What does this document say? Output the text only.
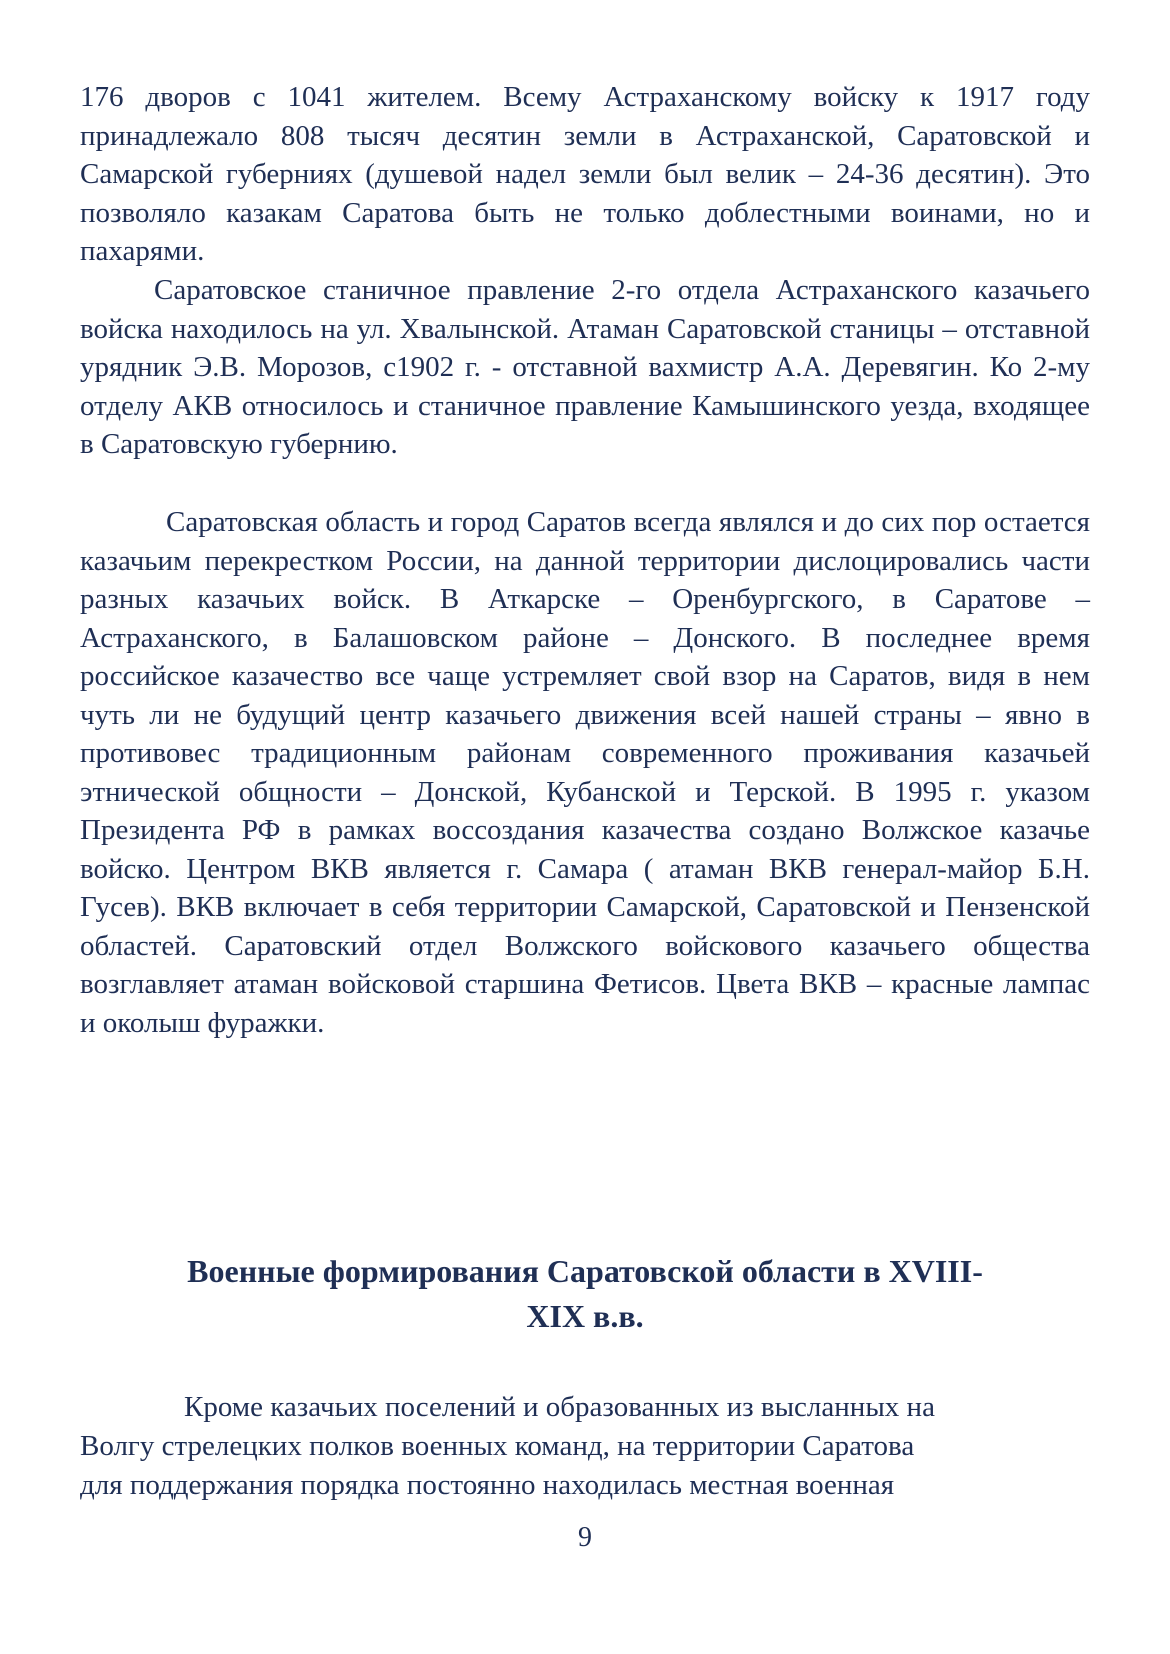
176 дворов с 1041 жителем. Всему Астраханскому войску к 1917 году принадлежало 808 тысяч десятин земли в Астраханской, Саратовской и Самарской губерниях (душевой надел земли был велик – 24-36 десятин). Это позволяло казакам Саратова быть не только доблестными воинами, но и пахарями.

Саратовское станичное правление 2-го отдела Астраханского казачьего войска находилось на ул. Хвалынской. Атаман Саратовской станицы – отставной урядник Э.В. Морозов, с1902 г. - отставной вахмистр А.А. Деревягин. Ко 2-му отделу АКВ относилось и станичное правление Камышинского уезда, входящее в Саратовскую губернию.

Саратовская область и город Саратов всегда являлся и до сих пор остается казачьим перекрестком России, на данной территории дислоцировались части разных казачьих войск. В Аткарске – Оренбургского, в Саратове – Астраханского, в Балашовском районе – Донского. В последнее время российское казачество все чаще устремляет свой взор на Саратов, видя в нем чуть ли не будущий центр казачьего движения всей нашей страны – явно в противовес традиционным районам современного проживания казачьей этнической общности – Донской, Кубанской и Терской. В 1995 г. указом Президента РФ в рамках воссоздания казачества создано Волжское казачье войско. Центром ВКВ является г. Самара ( атаман ВКВ генерал-майор Б.Н. Гусев). ВКВ включает в себя территории Самарской, Саратовской и Пензенской областей. Саратовский отдел Волжского войскового казачьего общества возглавляет атаман войсковой старшина Фетисов. Цвета ВКВ – красные лампас и околыш фуражки.

Военные формирования Саратовской области в XVIII-
XIX в.в.

Кроме казачьих поселений и образованных из высланных на
Волгу стрелецких полков военных команд, на территории Саратова
для поддержания порядка постоянно находилась местная военная

9
